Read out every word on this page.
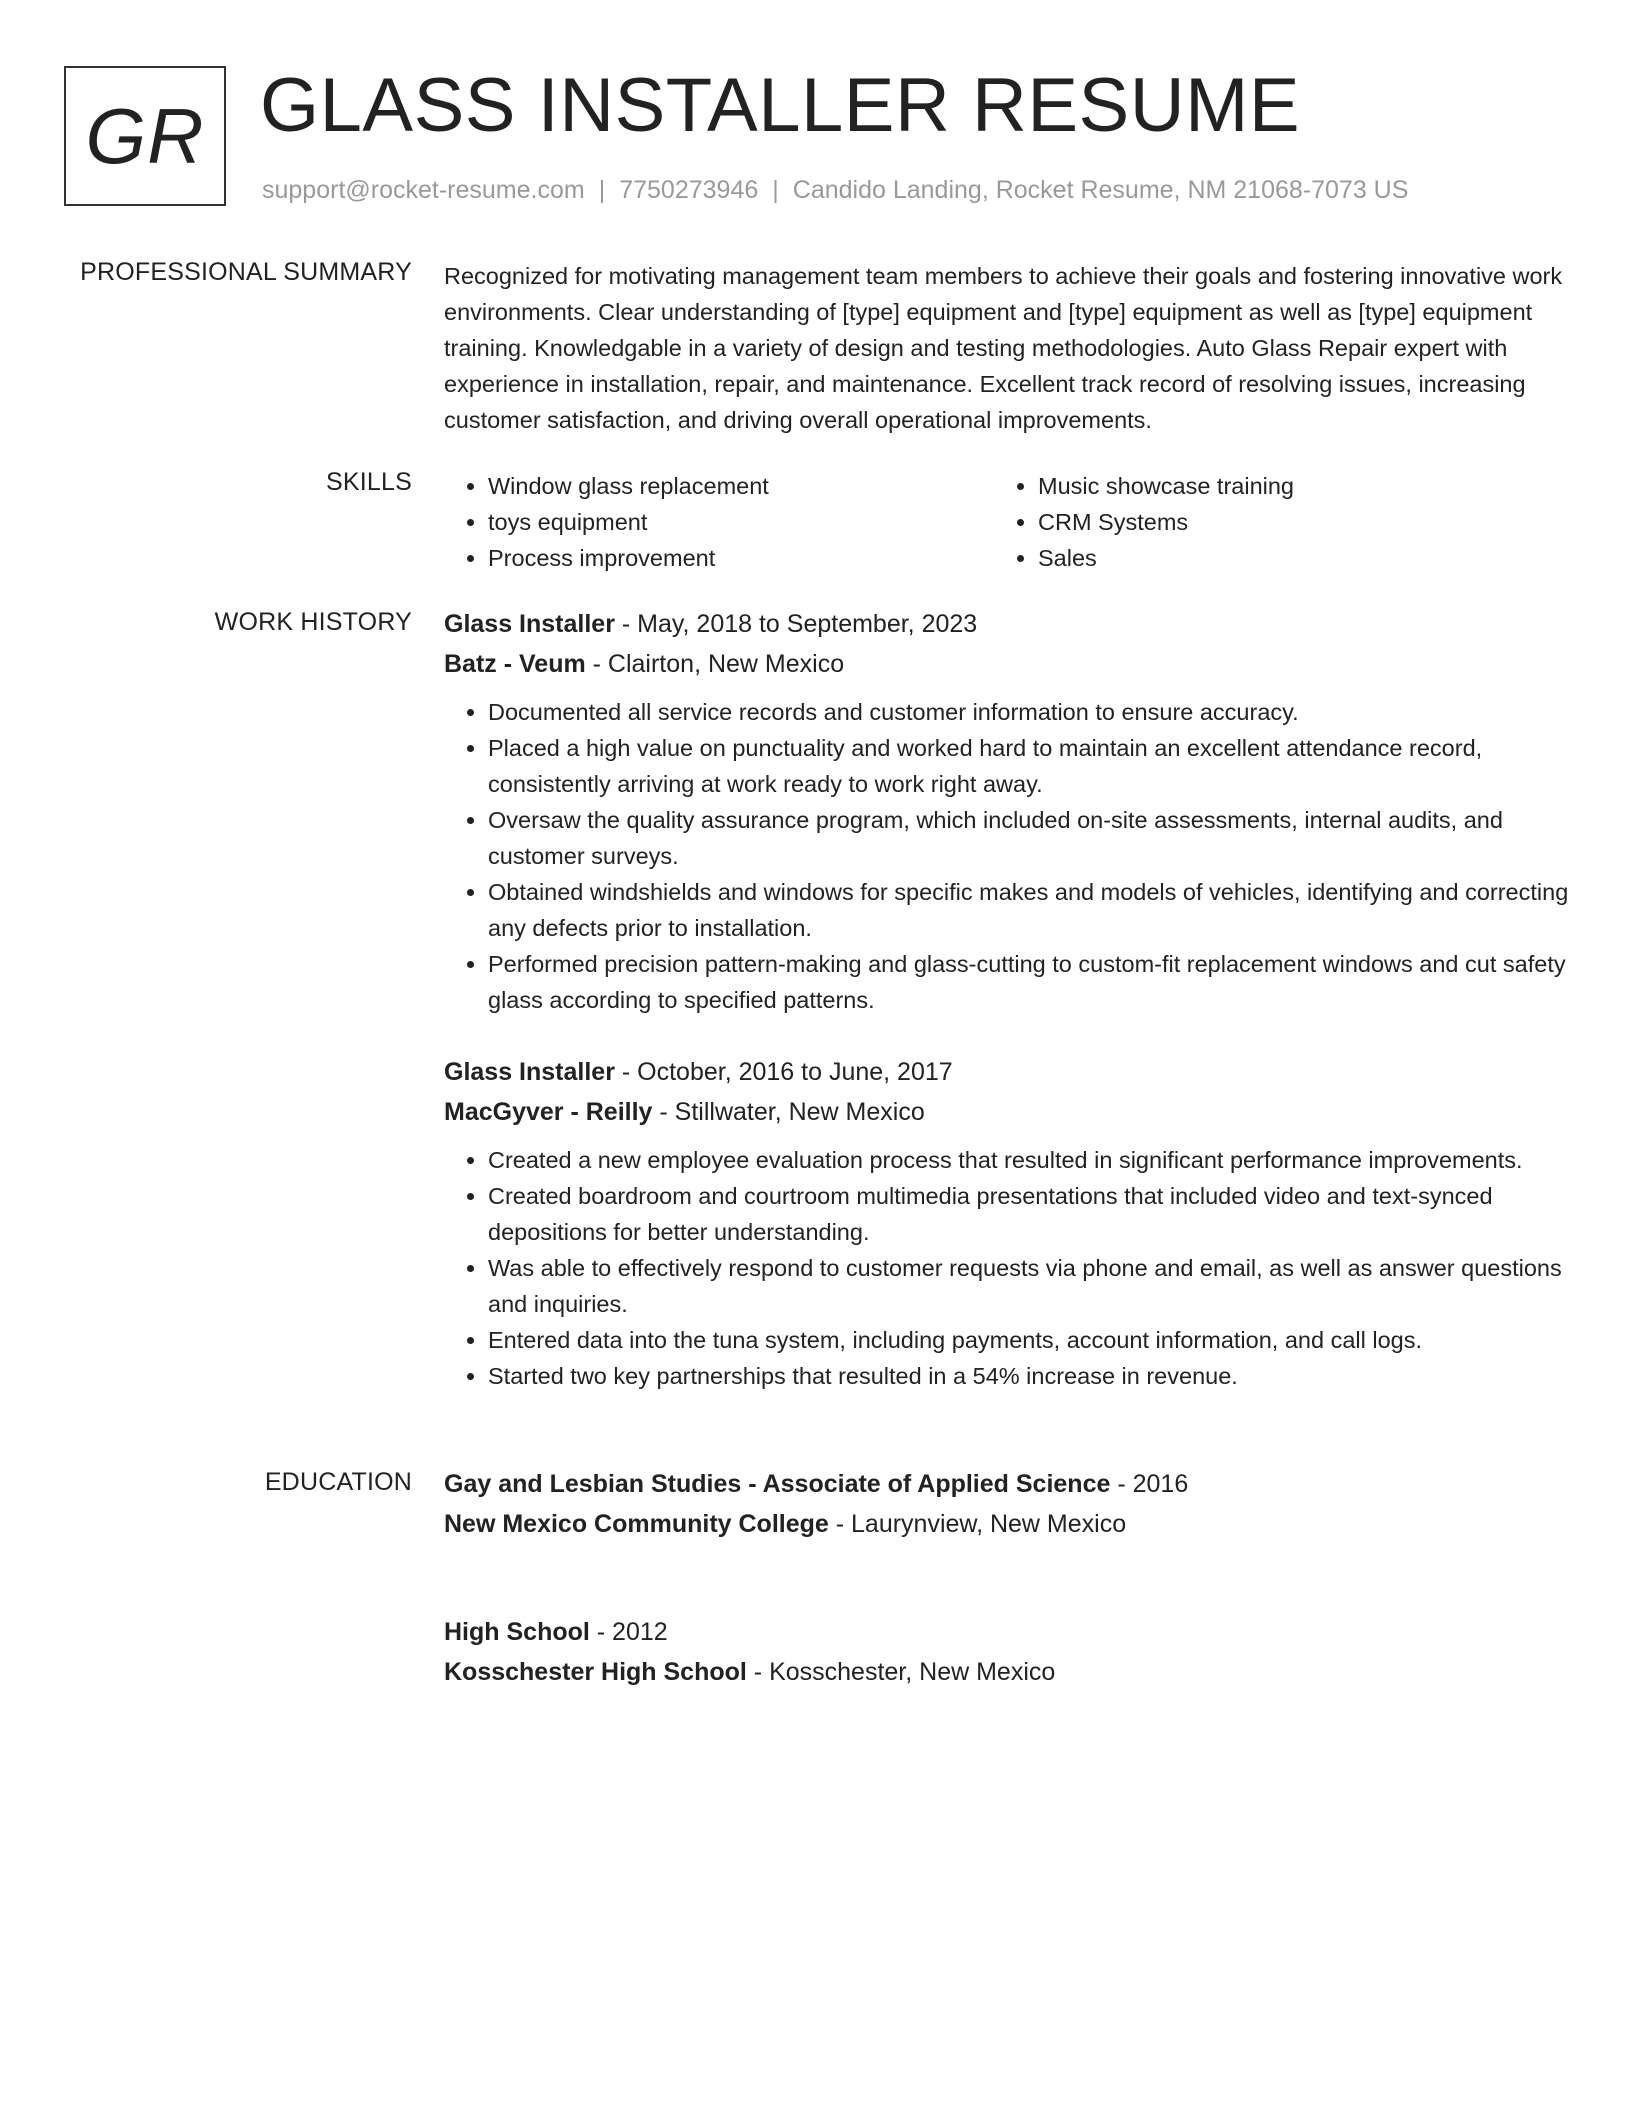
GR GLASS INSTALLER RESUME
support@rocket-resume.com | 7750273946 | Candido Landing, Rocket Resume, NM 21068-7073 US
PROFESSIONAL SUMMARY Recognized for motivating management team members to achieve their goals and fostering innovative work environments. Clear understanding of [type] equipment and [type] equipment as well as [type] equipment training. Knowledgable in a variety of design and testing methodologies. Auto Glass Repair expert with experience in installation, repair, and maintenance. Excellent track record of resolving issues, increasing customer satisfaction, and driving overall operational improvements.

SKILLS
•	Window glass replacement
• toys equipment
• Process improvement
• Music showcase training
• CRM Systems
• Sales
WORK HISTORY Glass Installer - May, 2018 to September, 2023
Batz - Veum - Clairton, New Mexico
• Documented all service records and customer information to ensure accuracy.
• Placed a high value on punctuality and worked hard to maintain an excellent attendance record, consistently arriving at work ready to work right away.
• Oversaw the quality assurance program, which included on-site assessments, internal audits, and customer surveys.
• Obtained windshields and windows for specific makes and models of vehicles, identifying and correcting any defects prior to installation.
• Performed precision pattern-making and glass-cutting to custom-fit replacement windows and cut safety glass according to specified patterns.
Glass Installer - October, 2016 to June, 2017
MacGyver - Reilly - Stillwater, New Mexico
• Created a new employee evaluation process that resulted in significant performance improvements.
• Created boardroom and courtroom multimedia presentations that included video and text-synced depositions for better understanding.
• Was able to effectively respond to customer requests via phone and email, as well as answer questions and inquiries.
• Entered data into the tuna system, including payments, account information, and call logs.
• Started two key partnerships that resulted in a 54% increase in revenue.
EDUCATION Gay and Lesbian Studies - Associate of Applied Science - 2016
New Mexico Community College - Laurynview, New Mexico
High School - 2012
Kosschester High School - Kosschester, New Mexico
